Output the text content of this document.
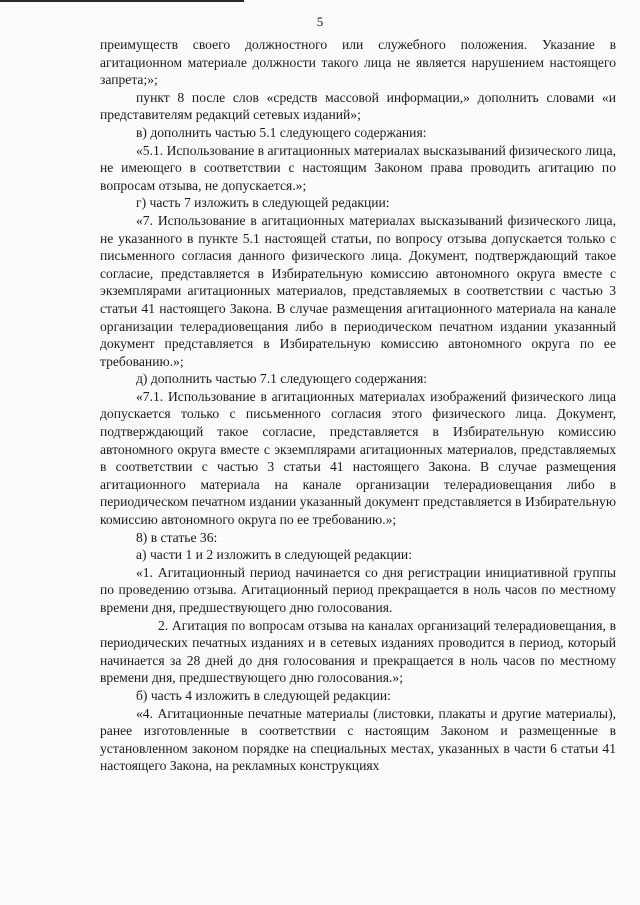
5

преимуществ своего должностного или служебного положения. Указание в агитационном материале должности такого лица не является нарушением настоящего запрета;»;

пункт 8 после слов «средств массовой информации,» дополнить словами «и представителям редакций сетевых изданий»;

в) дополнить частью 5.1 следующего содержания:

«5.1. Использование в агитационных материалах высказываний физического лица, не имеющего в соответствии с настоящим Законом права проводить агитацию по вопросам отзыва, не допускается.»;

г) часть 7 изложить в следующей редакции:

«7. Использование в агитационных материалах высказываний физического лица, не указанного в пункте 5.1 настоящей статьи, по вопросу отзыва допускается только с письменного согласия данного физического лица. Документ, подтверждающий такое согласие, представляется в Избирательную комиссию автономного округа вместе с экземплярами агитационных материалов, представляемых в соответствии с частью 3 статьи 41 настоящего Закона. В случае размещения агитационного материала на канале организации телерадиовещания либо в периодическом печатном издании указанный документ представляется в Избирательную комиссию автономного округа по ее требованию.»;

д) дополнить частью 7.1 следующего содержания:

«7.1. Использование в агитационных материалах изображений физического лица допускается только с письменного согласия этого физического лица. Документ, подтверждающий такое согласие, представляется в Избирательную комиссию автономного округа вместе с экземплярами агитационных материалов, представляемых в соответствии с частью 3 статьи 41 настоящего Закона. В случае размещения агитационного материала на канале организации телерадиовещания либо в периодическом печатном издании указанный документ представляется в Избирательную комиссию автономного округа по ее требованию.»;

8) в статье 36:

а) части 1 и 2 изложить в следующей редакции:

«1. Агитационный период начинается со дня регистрации инициативной группы по проведению отзыва. Агитационный период прекращается в ноль часов по местному времени дня, предшествующего дню голосования.

2. Агитация по вопросам отзыва на каналах организаций телерадиовещания, в периодических печатных изданиях и в сетевых изданиях проводится в период, который начинается за 28 дней до дня голосования и прекращается в ноль часов по местному времени дня, предшествующего дню голосования.»;

б) часть 4 изложить в следующей редакции:

«4. Агитационные печатные материалы (листовки, плакаты и другие материалы), ранее изготовленные в соответствии с настоящим Законом и размещенные в установленном законом порядке на специальных местах, указанных в части 6 статьи 41 настоящего Закона, на рекламных конструкциях
